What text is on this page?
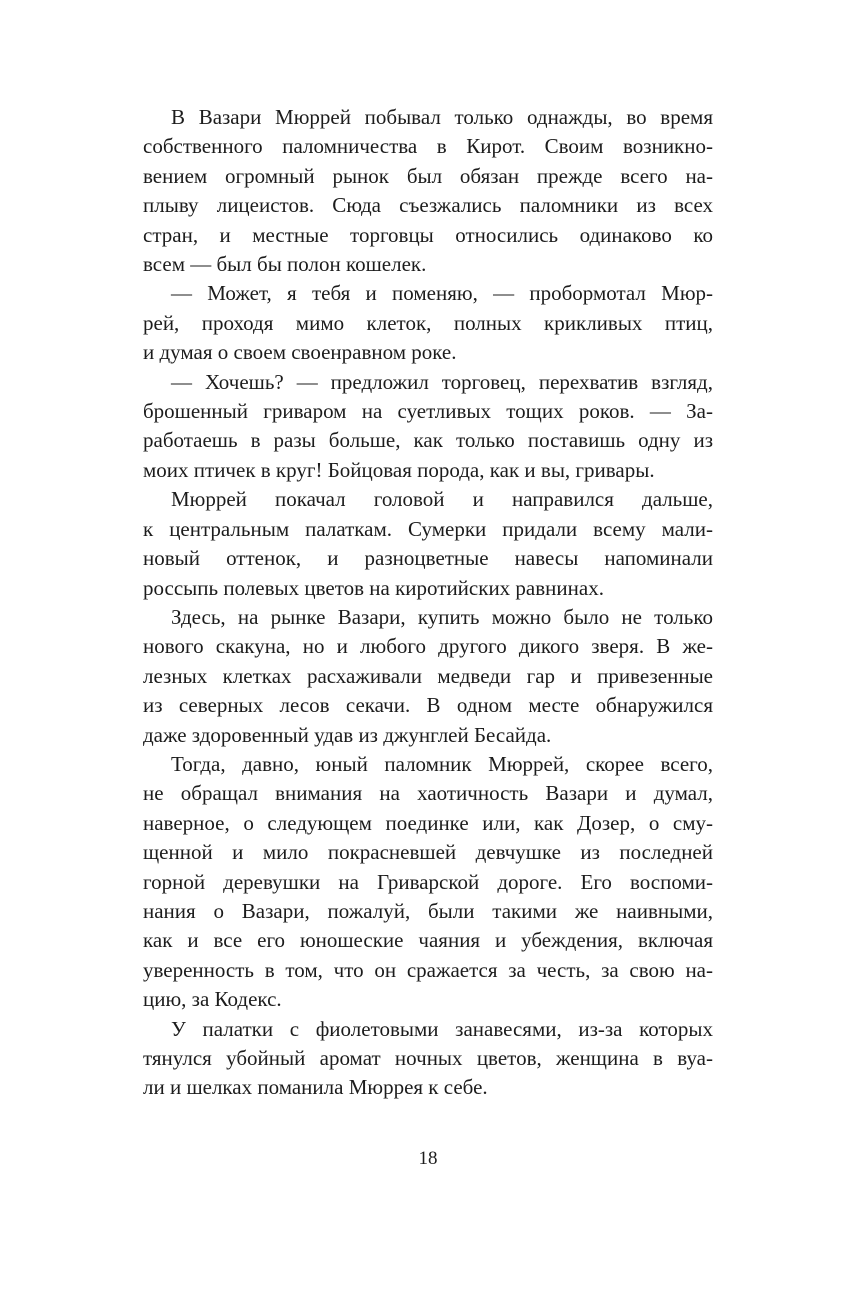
В Вазари Мюррей побывал только однажды, во время
собственного паломничества в Кирот. Своим возникно-
вением огромный рынок был обязан прежде всего на-
плыву лицеистов. Сюда съезжались паломники из всех
стран, и местные торговцы относились одинаково ко
всем — был бы полон кошелек.
— Может, я тебя и поменяю, — пробормотал Мюр-
рей, проходя мимо клеток, полных крикливых птиц,
и думая о своем своенравном роке.
— Хочешь? — предложил торговец, перехватив взгляд,
брошенный гриваром на суетливых тощих роков. — За-
работаешь в разы больше, как только поставишь одну из
моих птичек в круг! Бойцовая порода, как и вы, гривары.
Мюррей покачал головой и направился дальше,
к центральным палаткам. Сумерки придали всему мали-
новый оттенок, и разноцветные навесы напоминали
россыпь полевых цветов на киротийских равнинах.
Здесь, на рынке Вазари, купить можно было не только
нового скакуна, но и любого другого дикого зверя. В же-
лезных клетках расхаживали медведи гар и привезенные
из северных лесов секачи. В одном месте обнаружился
даже здоровенный удав из джунглей Бесайда.
Тогда, давно, юный паломник Мюррей, скорее всего,
не обращал внимания на хаотичность Вазари и думал,
наверное, о следующем поединке или, как Дозер, о сму-
щенной и мило покрасневшей девчушке из последней
горной деревушки на Гриварской дороге. Его воспоми-
нания о Вазари, пожалуй, были такими же наивными,
как и все его юношеские чаяния и убеждения, включая
уверенность в том, что он сражается за честь, за свою на-
цию, за Кодекс.
У палатки с фиолетовыми занавесями, из-за которых
тянулся убойный аромат ночных цветов, женщина в вуа-
ли и шелках поманила Мюррея к себе.
18
